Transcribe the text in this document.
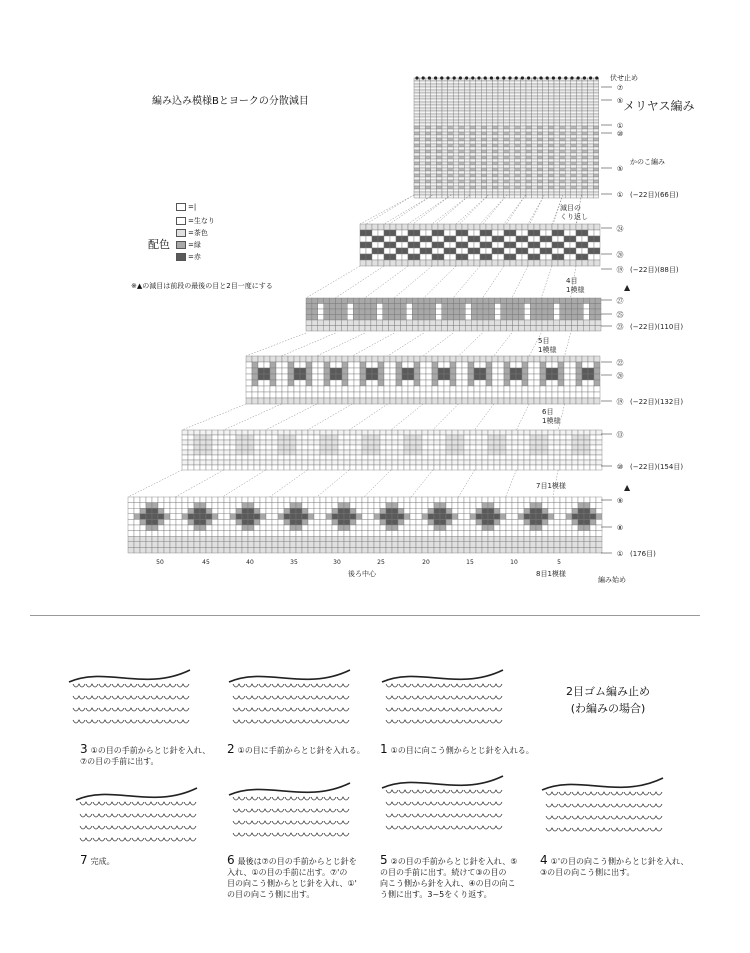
編み込み模様Bとヨークの分散減目
=|
配色
=生なり
=茶色
=緑
=赤
※▲の減目は前段の最後の目と2目一度にする
⑦
⑤
①
⑩
⑤
①
㉔
⑳
⑲
㉗
㉕
㉓
㉒
⑳
⑲
⑬
⑩
⑨
⑧
①
(−22目)(66目)
(−22目)(88目)
(−22目)(110目)
(−22目)(132目)
(−22目)(154目)
(176目)
伏せ止め
メリヤス編み
かのこ編み
減目の
くり返し
編み始め
後ろ中心
▲
▲
4目
1模様
5目
1模様
6目
1模様
7目1模様
8目1模様
50	45	40	35	30	25	20	15	10	5
2目ゴム編み止め
(わ編みの場合)
3 ①の目の手前からとじ針を入れ、
⑦の目の手前に出す。
2 ①の目に手前からとじ針を入れる。	1 ①の目に向こう側からとじ針を入れる。
7 完成。	6 最後は⑦の目の手前からとじ針を
入れ、①の目の手前に出す。⑦'の
目の向こう側からとじ針を入れ、①'
の目の向こう側に出す。
5 ②の目の手前からとじ針を入れ、⑤
の目の手前に出す。続けて③の目の
向こう側から針を入れ、④の目の向こ
う側に出す。3~5をくり返す。
4 ①'の目の向こう側からとじ針を入れ、
③の目の向こう側に出す。
